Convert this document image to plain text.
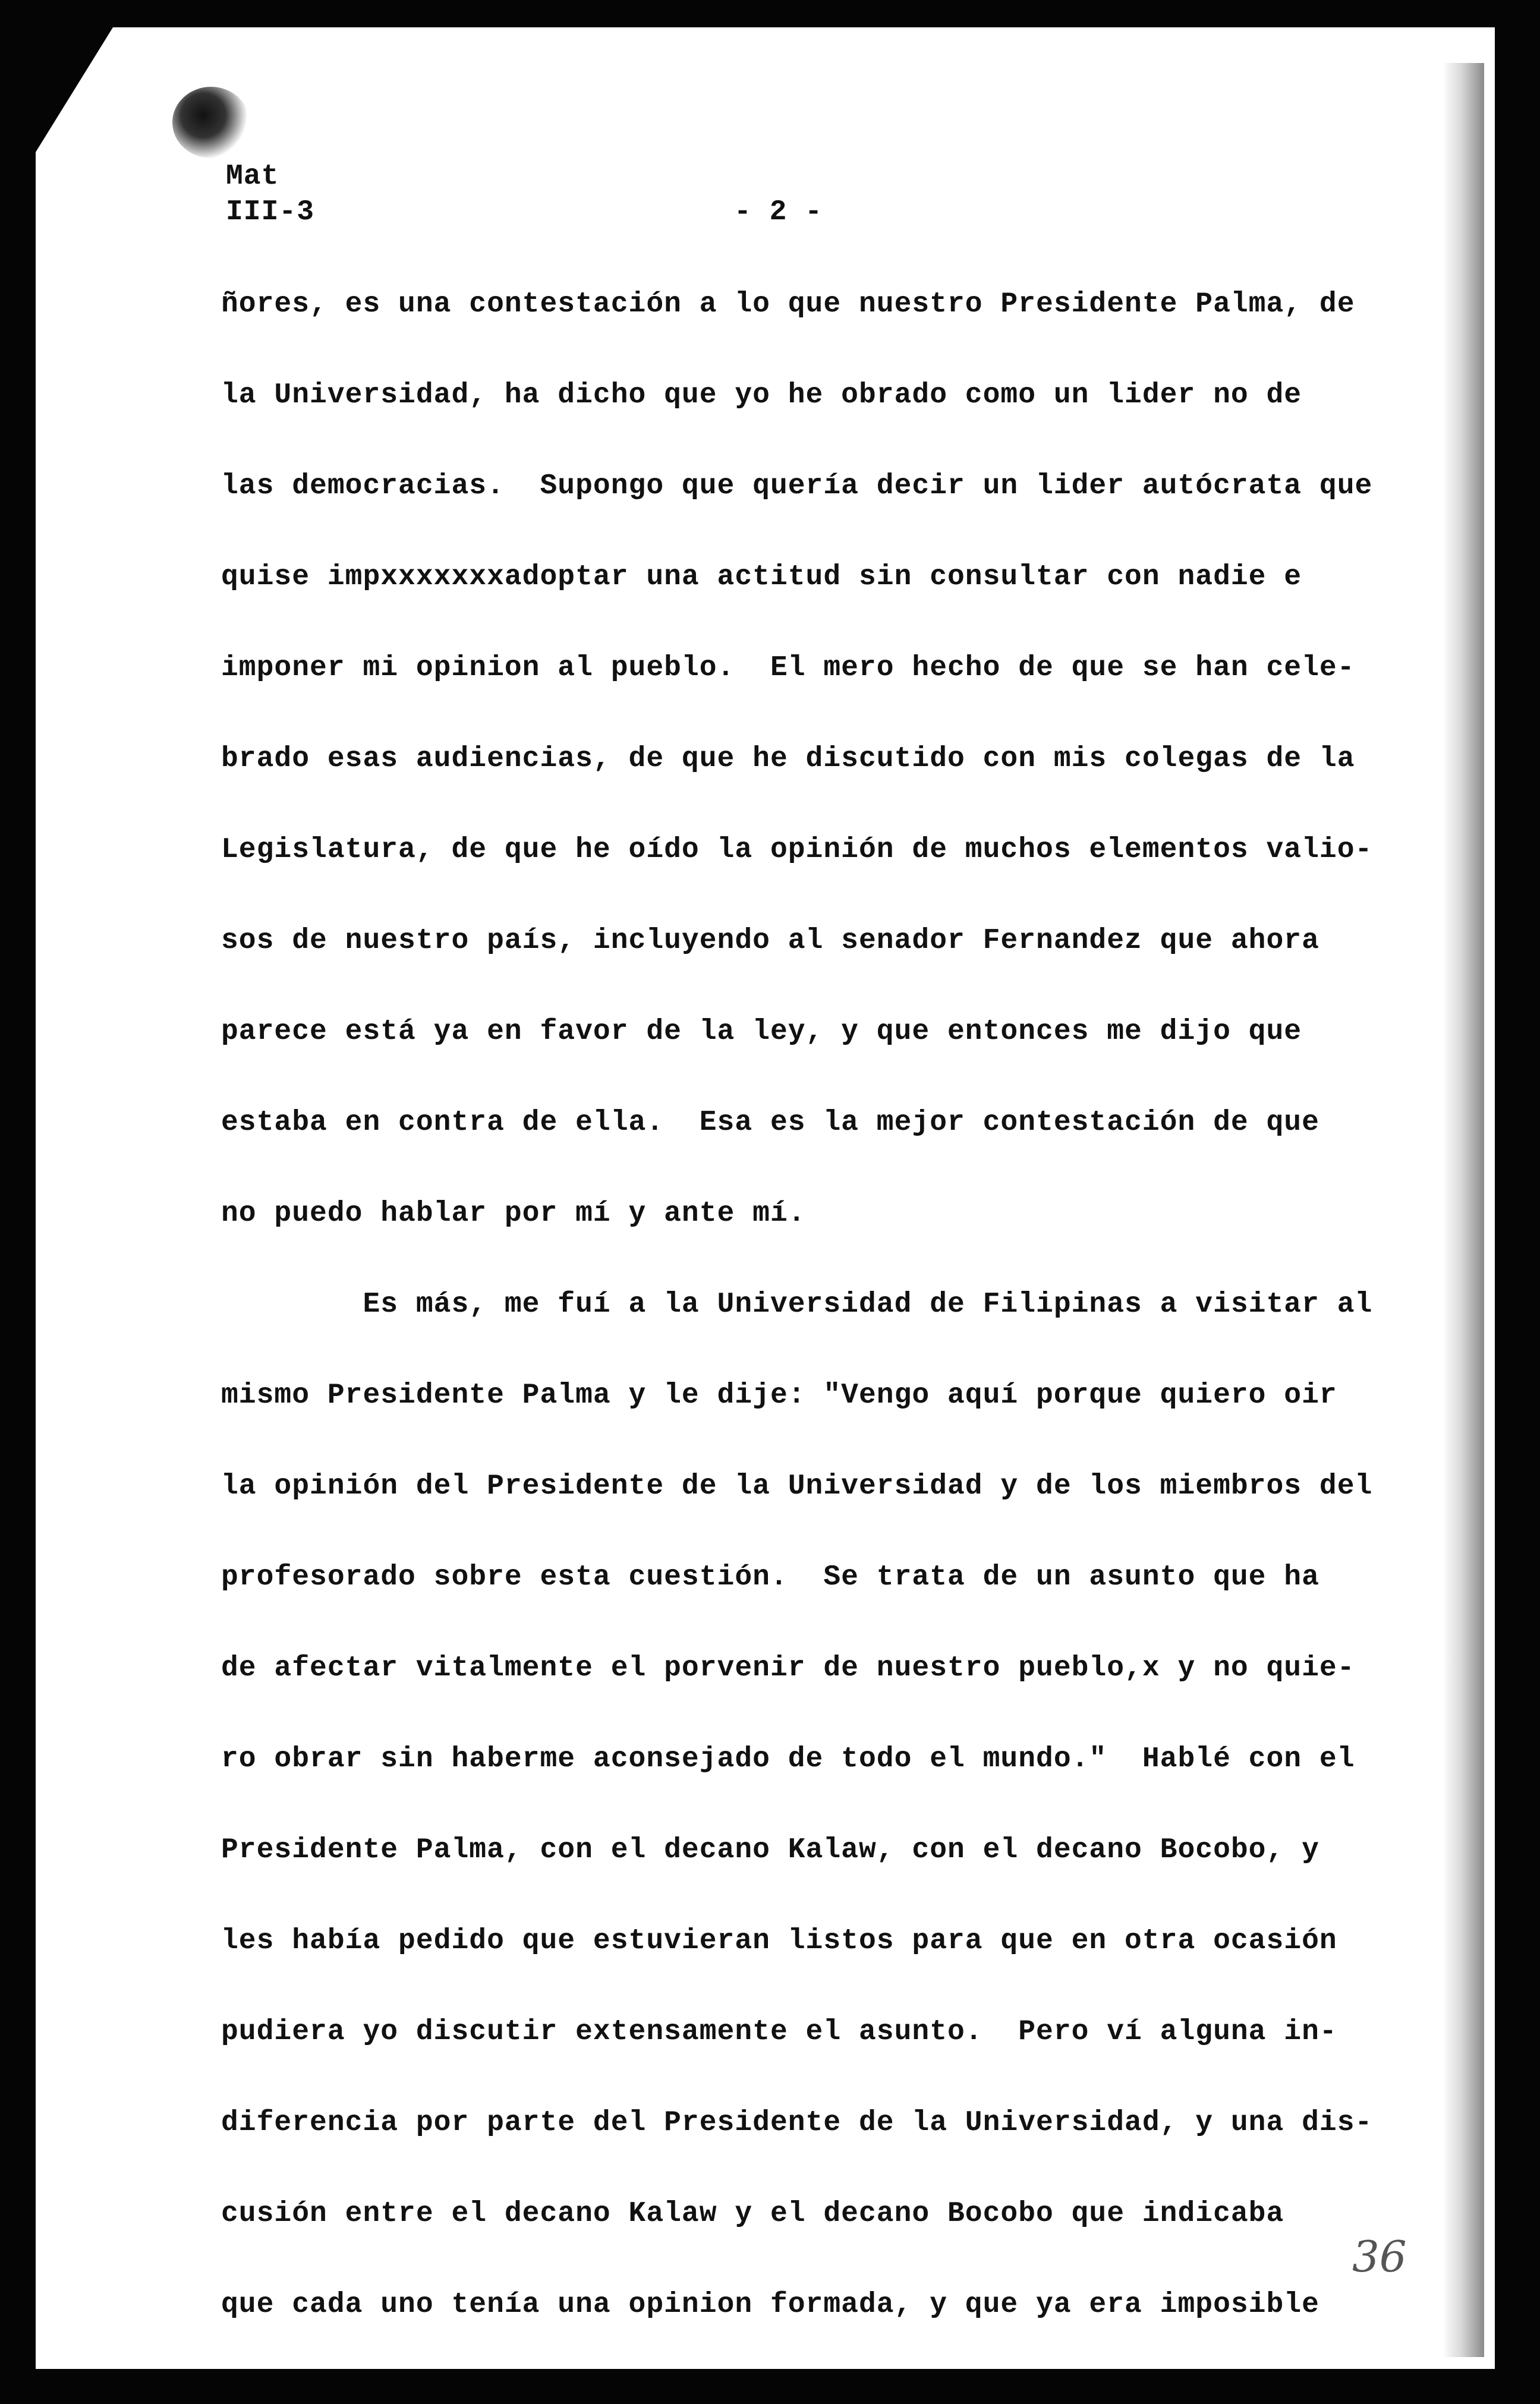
Mat
III-3	- 2 -
ñores, es una contestación a lo que nuestro Presidente Palma, de
la Universidad, ha dicho que yo he obrado como un lider no de
las democracias.  Supongo que quería decir un lider autócrata que
quise impxxxxxxxadoptar una actitud sin consultar con nadie e
imponer mi opinion al pueblo.  El mero hecho de que se han cele-
brado esas audiencias, de que he discutido con mis colegas de la
Legislatura, de que he oído la opinión de muchos elementos valio-
sos de nuestro país, incluyendo al senador Fernandez que ahora
parece está ya en favor de la ley, y que entonces me dijo que
estaba en contra de ella.  Esa es la mejor contestación de que
no puedo hablar por mí y ante mí.
Es más, me fuí a la Universidad de Filipinas a visitar al
mismo Presidente Palma y le dije: "Vengo aquí porque quiero oir
la opinión del Presidente de la Universidad y de los miembros del
profesorado sobre esta cuestión.  Se trata de un asunto que ha
de afectar vitalmente el porvenir de nuestro pueblo,x y no quie-
ro obrar sin haberme aconsejado de todo el mundo."  Hablé con el
Presidente Palma, con el decano Kalaw, con el decano Bocobo, y
les había pedido que estuvieran listos para que en otra ocasión
pudiera yo discutir extensamente el asunto.  Pero ví alguna in-
diferencia por parte del Presidente de la Universidad, y una dis-
cusión entre el decano Kalaw y el decano Bocobo que indicaba
que cada uno tenía una opinion formada, y que ya era imposible
36
